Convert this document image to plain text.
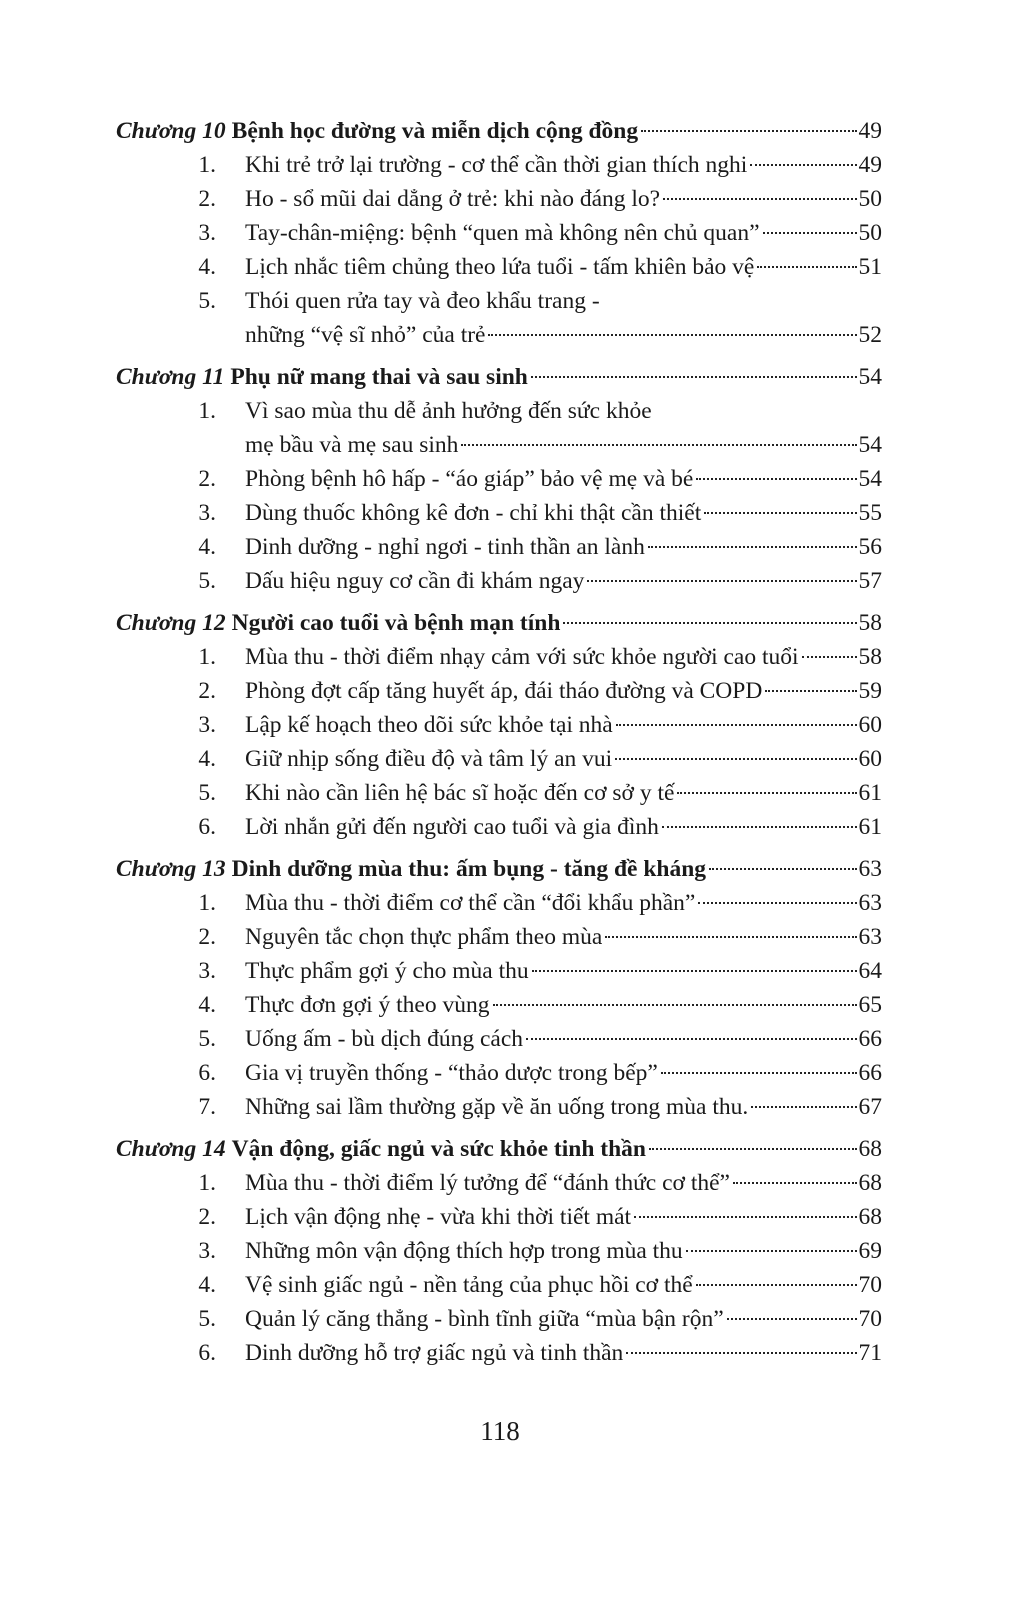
Chương 10 Bệnh học đường và miễn dịch cộng đồng	49
1.	Khi trẻ trở lại trường - cơ thể cần thời gian thích nghi	49
2.	Ho - sổ mũi dai dẳng ở trẻ: khi nào đáng lo?	50
3.	Tay-chân-miệng: bệnh “quen mà không nên chủ quan”	50
4.	Lịch nhắc tiêm chủng theo lứa tuổi - tấm khiên bảo vệ	51
5.	Thói quen rửa tay và đeo khẩu trang -
những “vệ sĩ nhỏ” của trẻ	52
Chương 11 Phụ nữ mang thai và sau sinh	54
1.	Vì sao mùa thu dễ ảnh hưởng đến sức khỏe
mẹ bầu và mẹ sau sinh	54
2.	Phòng bệnh hô hấp - “áo giáp” bảo vệ mẹ và bé	54
3.	Dùng thuốc không kê đơn - chỉ khi thật cần thiết	55
4.	Dinh dưỡng - nghỉ ngơi - tinh thần an lành	56
5.	Dấu hiệu nguy cơ cần đi khám ngay	57
Chương 12 Người cao tuổi và bệnh mạn tính	58
1.	Mùa thu - thời điểm nhạy cảm với sức khỏe người cao tuổi	58
2.	Phòng đợt cấp tăng huyết áp, đái tháo đường và COPD	59
3.	Lập kế hoạch theo dõi sức khỏe tại nhà	60
4.	Giữ nhịp sống điều độ và tâm lý an vui	60
5.	Khi nào cần liên hệ bác sĩ hoặc đến cơ sở y tế	61
6.	Lời nhắn gửi đến người cao tuổi và gia đình	61
Chương 13 Dinh dưỡng mùa thu: ấm bụng - tăng đề kháng	63
1.	Mùa thu - thời điểm cơ thể cần “đổi khẩu phần”	63
2.	Nguyên tắc chọn thực phẩm theo mùa	63
3.	Thực phẩm gợi ý cho mùa thu	64
4.	Thực đơn gợi ý theo vùng	65
5.	Uống ấm - bù dịch đúng cách	66
6.	Gia vị truyền thống - “thảo dược trong bếp”	66
7.	Những sai lầm thường gặp về ăn uống trong mùa thu.	67
Chương 14 Vận động, giấc ngủ và sức khỏe tinh thần	68
1.	Mùa thu - thời điểm lý tưởng để “đánh thức cơ thể”	68
2.	Lịch vận động nhẹ - vừa khi thời tiết mát	68
3.	Những môn vận động thích hợp trong mùa thu	69
4.	Vệ sinh giấc ngủ - nền tảng của phục hồi cơ thể	70
5.	Quản lý căng thẳng - bình tĩnh giữa “mùa bận rộn”	70
6.	Dinh dưỡng hỗ trợ giấc ngủ và tinh thần	71
118
